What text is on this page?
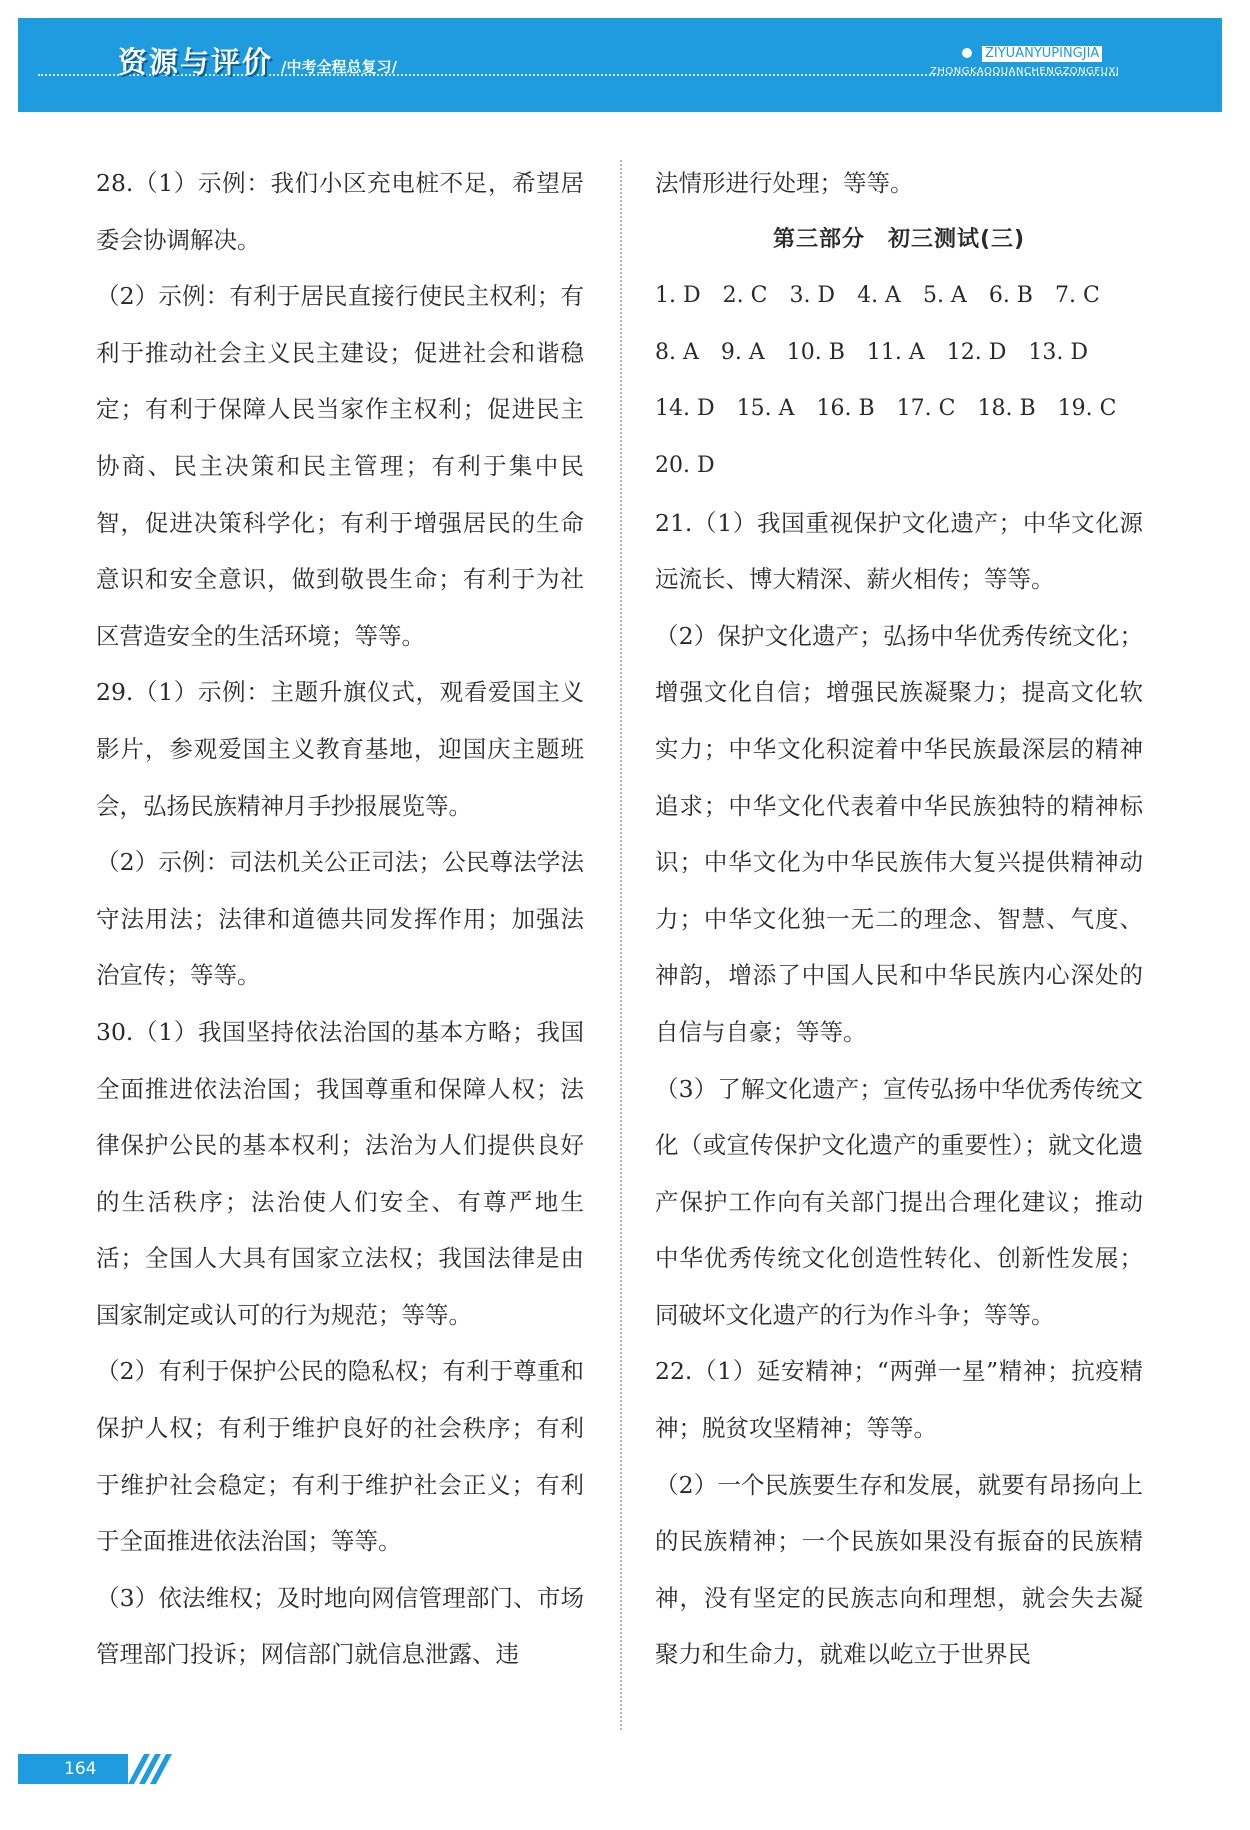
资源与评价 /中考全程总复习/
ZIYUANYUPINGJIA
ZHONGKAOQUANCHENGZONGFUXI

28.（1）示例：我们小区充电桩不足，希望居委会协调解决。

（2）示例：有利于居民直接行使民主权利；有利于推动社会主义民主建设；促进社会和谐稳定；有利于保障人民当家作主权利；促进民主协商、民主决策和民主管理；有利于集中民智，促进决策科学化；有利于增强居民的生命意识和安全意识，做到敬畏生命；有利于为社区营造安全的生活环境；等等。

29.（1）示例：主题升旗仪式，观看爱国主义影片，参观爱国主义教育基地，迎国庆主题班会，弘扬民族精神月手抄报展览等。

（2）示例：司法机关公正司法；公民尊法学法守法用法；法律和道德共同发挥作用；加强法治宣传；等等。

30.（1）我国坚持依法治国的基本方略；我国全面推进依法治国；我国尊重和保障人权；法律保护公民的基本权利；法治为人们提供良好的生活秩序；法治使人们安全、有尊严地生活；全国人大具有国家立法权；我国法律是由国家制定或认可的行为规范；等等。

（2）有利于保护公民的隐私权；有利于尊重和保护人权；有利于维护良好的社会秩序；有利于维护社会稳定；有利于维护社会正义；有利于全面推进依法治国；等等。

（3）依法维权；及时地向网信管理部门、市场管理部门投诉；网信部门就信息泄露、违

法情形进行处理；等等。

第三部分　初三测试(三)

1. D 2. C 3. D 4. A 5. A 6. B 7. C
8. A 9. A 10. B 11. A 12. D 13. D
14. D 15. A 16. B 17. C 18. B 19. C
20. D

21.（1）我国重视保护文化遗产；中华文化源远流长、博大精深、薪火相传；等等。

（2）保护文化遗产；弘扬中华优秀传统文化；增强文化自信；增强民族凝聚力；提高文化软实力；中华文化积淀着中华民族最深层的精神追求；中华文化代表着中华民族独特的精神标识；中华文化为中华民族伟大复兴提供精神动力；中华文化独一无二的理念、智慧、气度、神韵，增添了中国人民和中华民族内心深处的自信与自豪；等等。

（3）了解文化遗产；宣传弘扬中华优秀传统文化（或宣传保护文化遗产的重要性）；就文化遗产保护工作向有关部门提出合理化建议；推动中华优秀传统文化创造性转化、创新性发展；同破坏文化遗产的行为作斗争；等等。

22.（1）延安精神；“两弹一星”精神；抗疫精神；脱贫攻坚精神；等等。

（2）一个民族要生存和发展，就要有昂扬向上的民族精神；一个民族如果没有振奋的民族精神，没有坚定的民族志向和理想，就会失去凝聚力和生命力，就难以屹立于世界民

164
